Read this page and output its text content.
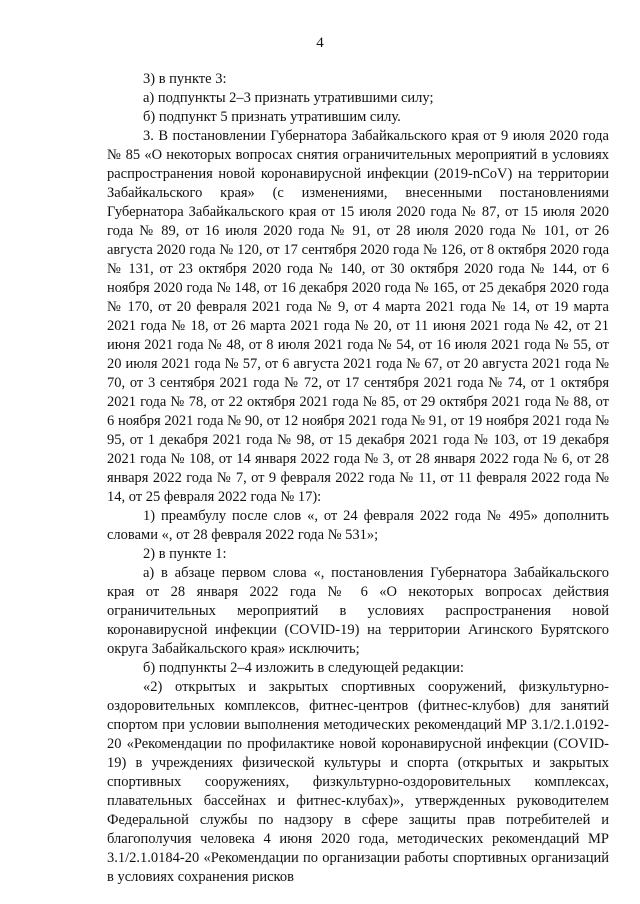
4

3) в пункте 3:

а) подпункты 2–3 признать утратившими силу;

б) подпункт 5 признать утратившим силу.

3. В постановлении Губернатора Забайкальского края от 9 июля 2020 года № 85 «О некоторых вопросах снятия ограничительных мероприятий в условиях распространения новой коронавирусной инфекции (2019-nCoV) на территории Забайкальского края» (с изменениями, внесенными постановлениями Губернатора Забайкальского края от 15 июля 2020 года № 87, от 15 июля 2020 года № 89, от 16 июля 2020 года № 91, от 28 июля 2020 года № 101, от 26 августа 2020 года № 120, от 17 сентября 2020 года № 126, от 8 октября 2020 года № 131, от 23 октября 2020 года № 140, от 30 октября 2020 года № 144, от 6 ноября 2020 года № 148, от 16 декабря 2020 года № 165, от 25 декабря 2020 года № 170, от 20 февраля 2021 года № 9, от 4 марта 2021 года № 14, от 19 марта 2021 года № 18, от 26 марта 2021 года № 20, от 11 июня 2021 года № 42, от 21 июня 2021 года № 48, от 8 июля 2021 года № 54, от 16 июля 2021 года № 55, от 20 июля 2021 года № 57, от 6 августа 2021 года № 67, от 20 августа 2021 года № 70, от 3 сентября 2021 года № 72, от 17 сентября 2021 года № 74, от 1 октября 2021 года № 78, от 22 октября 2021 года № 85, от 29 октября 2021 года № 88, от 6 ноября 2021 года № 90, от 12 ноября 2021 года № 91, от 19 ноября 2021 года № 95, от 1 декабря 2021 года № 98, от 15 декабря 2021 года № 103, от 19 декабря 2021 года № 108, от 14 января 2022 года № 3, от 28 января 2022 года № 6, от 28 января 2022 года № 7, от 9 февраля 2022 года № 11, от 11 февраля 2022 года № 14, от 25 февраля 2022 года № 17):

1) преамбулу после слов «, от 24 февраля 2022 года № 495» дополнить словами «, от 28 февраля 2022 года № 531»;

2) в пункте 1:

а) в абзаце первом слова «, постановления Губернатора Забайкальского края от 28 января 2022 года № 6 «О некоторых вопросах действия ограничительных мероприятий в условиях распространения новой коронавирусной инфекции (COVID-19) на территории Агинского Бурятского округа Забайкальского края» исключить;

б) подпункты 2–4 изложить в следующей редакции:

«2) открытых и закрытых спортивных сооружений, физкультурно-оздоровительных комплексов, фитнес-центров (фитнес-клубов) для занятий спортом при условии выполнения методических рекомендаций МР 3.1/2.1.0192-20 «Рекомендации по профилактике новой коронавирусной инфекции (COVID-19) в учреждениях физической культуры и спорта (открытых и закрытых спортивных сооружениях, физкультурно-оздоровительных комплексах, плавательных бассейнах и фитнес-клубах)», утвержденных руководителем Федеральной службы по надзору в сфере защиты прав потребителей и благополучия человека 4 июня 2020 года, методических рекомендаций МР 3.1/2.1.0184-20 «Рекомендации по организации работы спортивных организаций в условиях сохранения рисков
